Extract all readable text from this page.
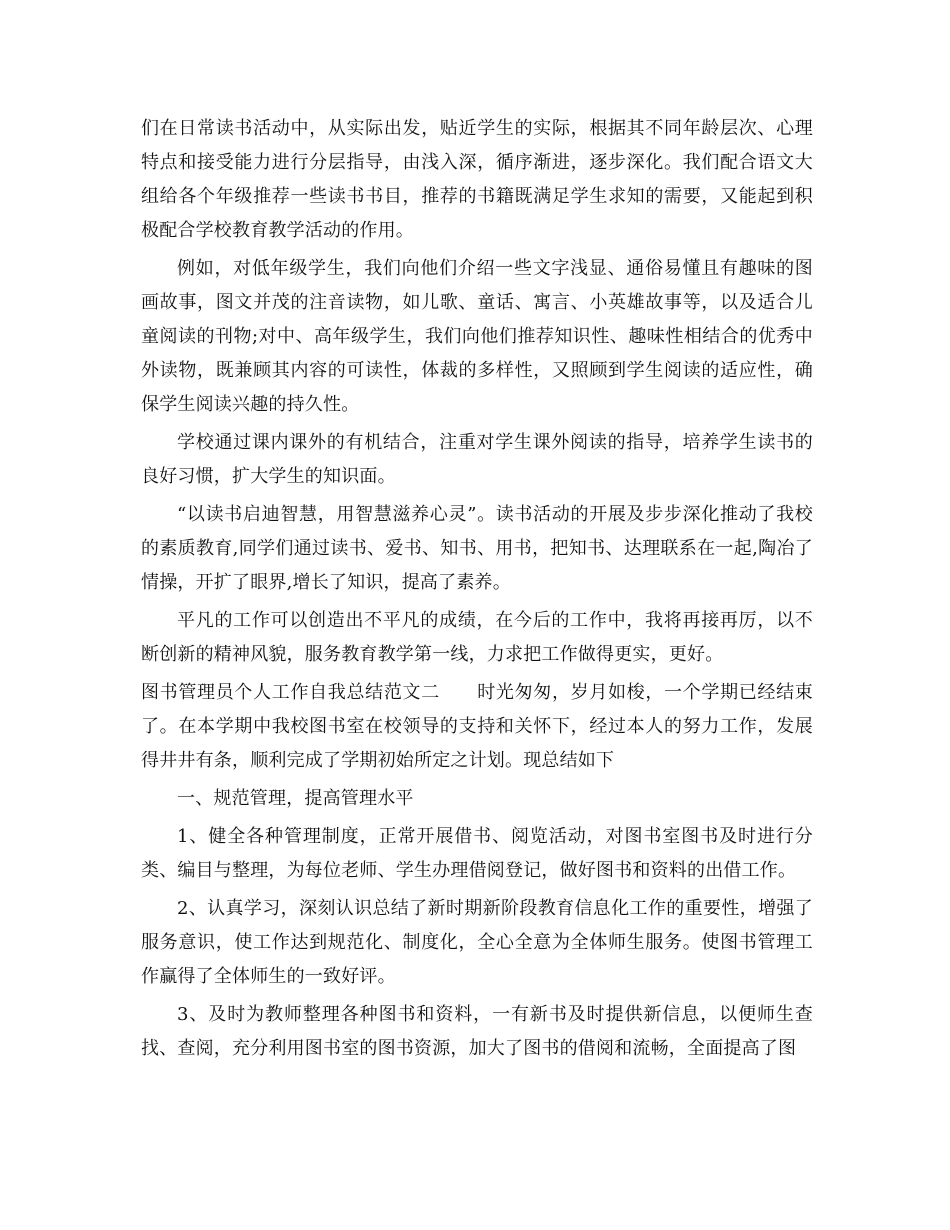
们在日常读书活动中，从实际出发，贴近学生的实际，根据其不同年龄层次、心理特点和接受能力进行分层指导，由浅入深，循序渐进，逐步深化。我们配合语文大组给各个年级推荐一些读书书目，推荐的书籍既满足学生求知的需要，又能起到积极配合学校教育教学活动的作用。

例如，对低年级学生，我们向他们介绍一些文字浅显、通俗易懂且有趣味的图画故事，图文并茂的注音读物，如儿歌、童话、寓言、小英雄故事等，以及适合儿童阅读的刊物;对中、高年级学生，我们向他们推荐知识性、趣味性相结合的优秀中外读物，既兼顾其内容的可读性，体裁的多样性，又照顾到学生阅读的适应性，确保学生阅读兴趣的持久性。

学校通过课内课外的有机结合，注重对学生课外阅读的指导，培养学生读书的良好习惯，扩大学生的知识面。

“以读书启迪智慧，用智慧滋养心灵”。读书活动的开展及步步深化推动了我校的素质教育,同学们通过读书、爱书、知书、用书，把知书、达理联系在一起,陶冶了情操，开扩了眼界,增长了知识，提高了素养。

平凡的工作可以创造出不平凡的成绩，在今后的工作中，我将再接再厉，以不断创新的精神风貌，服务教育教学第一线，力求把工作做得更实，更好。

图书管理员个人工作自我总结范文二　　时光匆匆，岁月如梭，一个学期已经结束了。在本学期中我校图书室在校领导的支持和关怀下，经过本人的努力工作，发展得井井有条，顺利完成了学期初始所定之计划。现总结如下

一、规范管理，提高管理水平

1、健全各种管理制度，正常开展借书、阅览活动，对图书室图书及时进行分类、编目与整理，为每位老师、学生办理借阅登记，做好图书和资料的出借工作。

2、认真学习，深刻认识总结了新时期新阶段教育信息化工作的重要性，增强了服务意识，使工作达到规范化、制度化，全心全意为全体师生服务。使图书管理工作赢得了全体师生的一致好评。

3、及时为教师整理各种图书和资料，一有新书及时提供新信息，以便师生查找、查阅，充分利用图书室的图书资源，加大了图书的借阅和流畅，全面提高了图
